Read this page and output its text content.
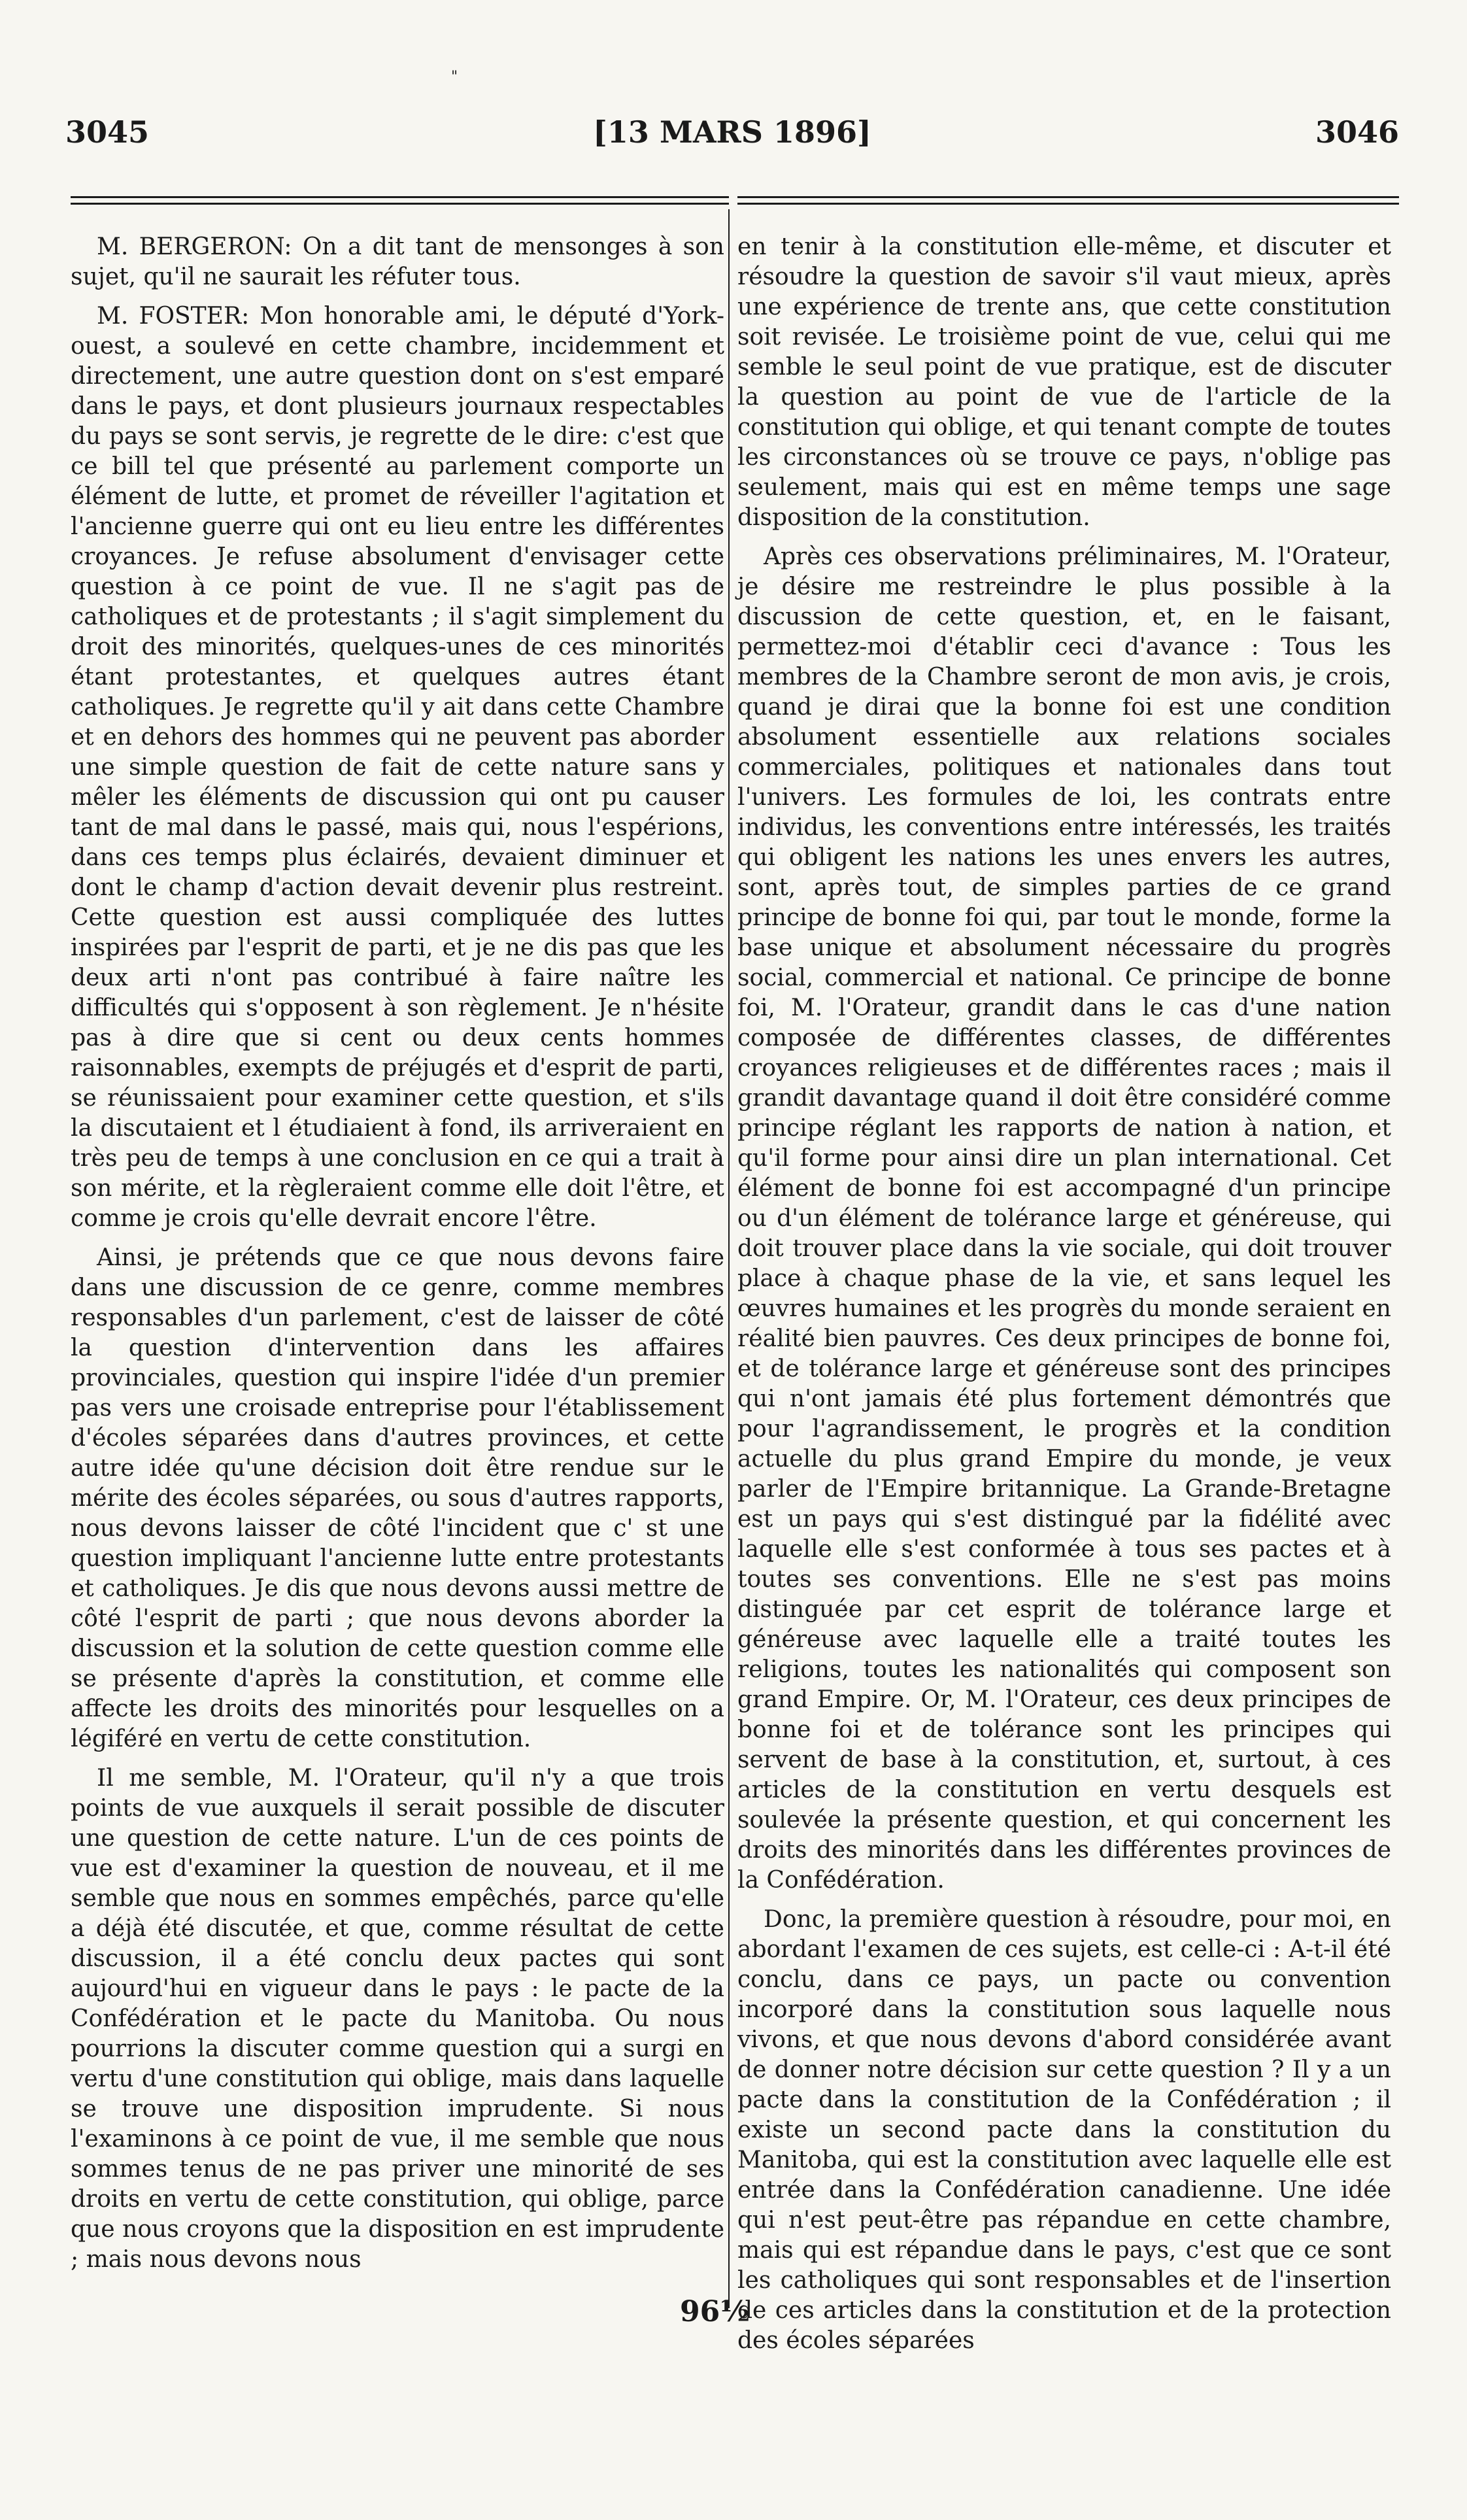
"
3045	[13 MARS 1896]	3046

M. BERGERON: On a dit tant de mensonges à son sujet, qu'il ne saurait les réfuter tous.

M. FOSTER: Mon honorable ami, le député d'York-ouest, a soulevé en cette chambre, incidemment et directement, une autre question dont on s'est emparé dans le pays, et dont plusieurs journaux respectables du pays se sont servis, je regrette de le dire: c'est que ce bill tel que présenté au parlement comporte un élément de lutte, et promet de réveiller l'agitation et l'ancienne guerre qui ont eu lieu entre les différentes croyances. Je refuse absolument d'envisager cette question à ce point de vue. Il ne s'agit pas de catholiques et de protestants ; il s'agit simplement du droit des minorités, quelques-unes de ces minorités étant protestantes, et quelques autres étant catholiques. Je regrette qu'il y ait dans cette Chambre et en dehors des hommes qui ne peuvent pas aborder une simple question de fait de cette nature sans y mêler les éléments de discussion qui ont pu causer tant de mal dans le passé, mais qui, nous l'espérions, dans ces temps plus éclairés, devaient diminuer et dont le champ d'action devait devenir plus restreint. Cette question est aussi compliquée des luttes inspirées par l'esprit de parti, et je ne dis pas que les deux arti n'ont pas contribué à faire naître les difficultés qui s'opposent à son règlement. Je n'hésite pas à dire que si cent ou deux cents hommes raisonnables, exempts de préjugés et d'esprit de parti, se réunissaient pour examiner cette question, et s'ils la discutaient et l étudiaient à fond, ils arriveraient en très peu de temps à une conclusion en ce qui a trait à son mérite, et la règleraient comme elle doit l'être, et comme je crois qu'elle devrait encore l'être.

Ainsi, je prétends que ce que nous devons faire dans une discussion de ce genre, comme membres responsables d'un parlement, c'est de laisser de côté la question d'intervention dans les affaires provinciales, question qui inspire l'idée d'un premier pas vers une croisade entreprise pour l'établissement d'écoles séparées dans d'autres provinces, et cette autre idée qu'une décision doit être rendue sur le mérite des écoles séparées, ou sous d'autres rapports, nous devons laisser de côté l'incident que c' st une question impliquant l'ancienne lutte entre protestants et catholiques. Je dis que nous devons aussi mettre de côté l'esprit de parti ; que nous devons aborder la discussion et la solution de cette question comme elle se présente d'après la constitution, et comme elle affecte les droits des minorités pour lesquelles on a légiféré en vertu de cette constitution.

Il me semble, M. l'Orateur, qu'il n'y a que trois points de vue auxquels il serait possible de discuter une question de cette nature. L'un de ces points de vue est d'examiner la question de nouveau, et il me semble que nous en sommes empêchés, parce qu'elle a déjà été discutée, et que, comme résultat de cette discussion, il a été conclu deux pactes qui sont aujourd'hui en vigueur dans le pays : le pacte de la Confédération et le pacte du Manitoba. Ou nous pourrions la discuter comme question qui a surgi en vertu d'une constitution qui oblige, mais dans laquelle se trouve une disposition imprudente. Si nous l'examinons à ce point de vue, il me semble que nous sommes tenus de ne pas priver une minorité de ses droits en vertu de cette constitution, qui oblige, parce que nous croyons que la disposition en est imprudente ; mais nous devons nous

en tenir à la constitution elle-même, et discuter et résoudre la question de savoir s'il vaut mieux, après une expérience de trente ans, que cette constitution soit revisée. Le troisième point de vue, celui qui me semble le seul point de vue pratique, est de discuter la question au point de vue de l'article de la constitution qui oblige, et qui tenant compte de toutes les circonstances où se trouve ce pays, n'oblige pas seulement, mais qui est en même temps une sage disposition de la constitution.

Après ces observations préliminaires, M. l'Orateur, je désire me restreindre le plus possible à la discussion de cette question, et, en le faisant, permettez-moi d'établir ceci d'avance : Tous les membres de la Chambre seront de mon avis, je crois, quand je dirai que la bonne foi est une condition absolument essentielle aux relations sociales commerciales, politiques et nationales dans tout l'univers. Les formules de loi, les contrats entre individus, les conventions entre intéressés, les traités qui obligent les nations les unes envers les autres, sont, après tout, de simples parties de ce grand principe de bonne foi qui, par tout le monde, forme la base unique et absolument nécessaire du progrès social, commercial et national. Ce principe de bonne foi, M. l'Orateur, grandit dans le cas d'une nation composée de différentes classes, de différentes croyances religieuses et de différentes races ; mais il grandit davantage quand il doit être considéré comme principe réglant les rapports de nation à nation, et qu'il forme pour ainsi dire un plan international. Cet élément de bonne foi est accompagné d'un principe ou d'un élément de tolérance large et généreuse, qui doit trouver place dans la vie sociale, qui doit trouver place à chaque phase de la vie, et sans lequel les œuvres humaines et les progrès du monde seraient en réalité bien pauvres. Ces deux principes de bonne foi, et de tolérance large et généreuse sont des principes qui n'ont jamais été plus fortement démontrés que pour l'agrandissement, le progrès et la condition actuelle du plus grand Empire du monde, je veux parler de l'Empire britannique. La Grande-Bretagne est un pays qui s'est distingué par la fidélité avec laquelle elle s'est conformée à tous ses pactes et à toutes ses conventions. Elle ne s'est pas moins distinguée par cet esprit de tolérance large et généreuse avec laquelle elle a traité toutes les religions, toutes les nationalités qui composent son grand Empire. Or, M. l'Orateur, ces deux principes de bonne foi et de tolérance sont les principes qui servent de base à la constitution, et, surtout, à ces articles de la constitution en vertu desquels est soulevée la présente question, et qui concernent les droits des minorités dans les différentes provinces de la Confédération.

Donc, la première question à résoudre, pour moi, en abordant l'examen de ces sujets, est celle-ci : A-t-il été conclu, dans ce pays, un pacte ou convention incorporé dans la constitution sous laquelle nous vivons, et que nous devons d'abord considérée avant de donner notre décision sur cette question ? Il y a un pacte dans la constitution de la Confédération ; il existe un second pacte dans la constitution du Manitoba, qui est la constitution avec laquelle elle est entrée dans la Confédération canadienne. Une idée qui n'est peut-être pas répandue en cette chambre, mais qui est répandue dans le pays, c'est que ce sont les catholiques qui sont responsables et de l'insertion de ces articles dans la constitution et de la protection des écoles séparées

96½
